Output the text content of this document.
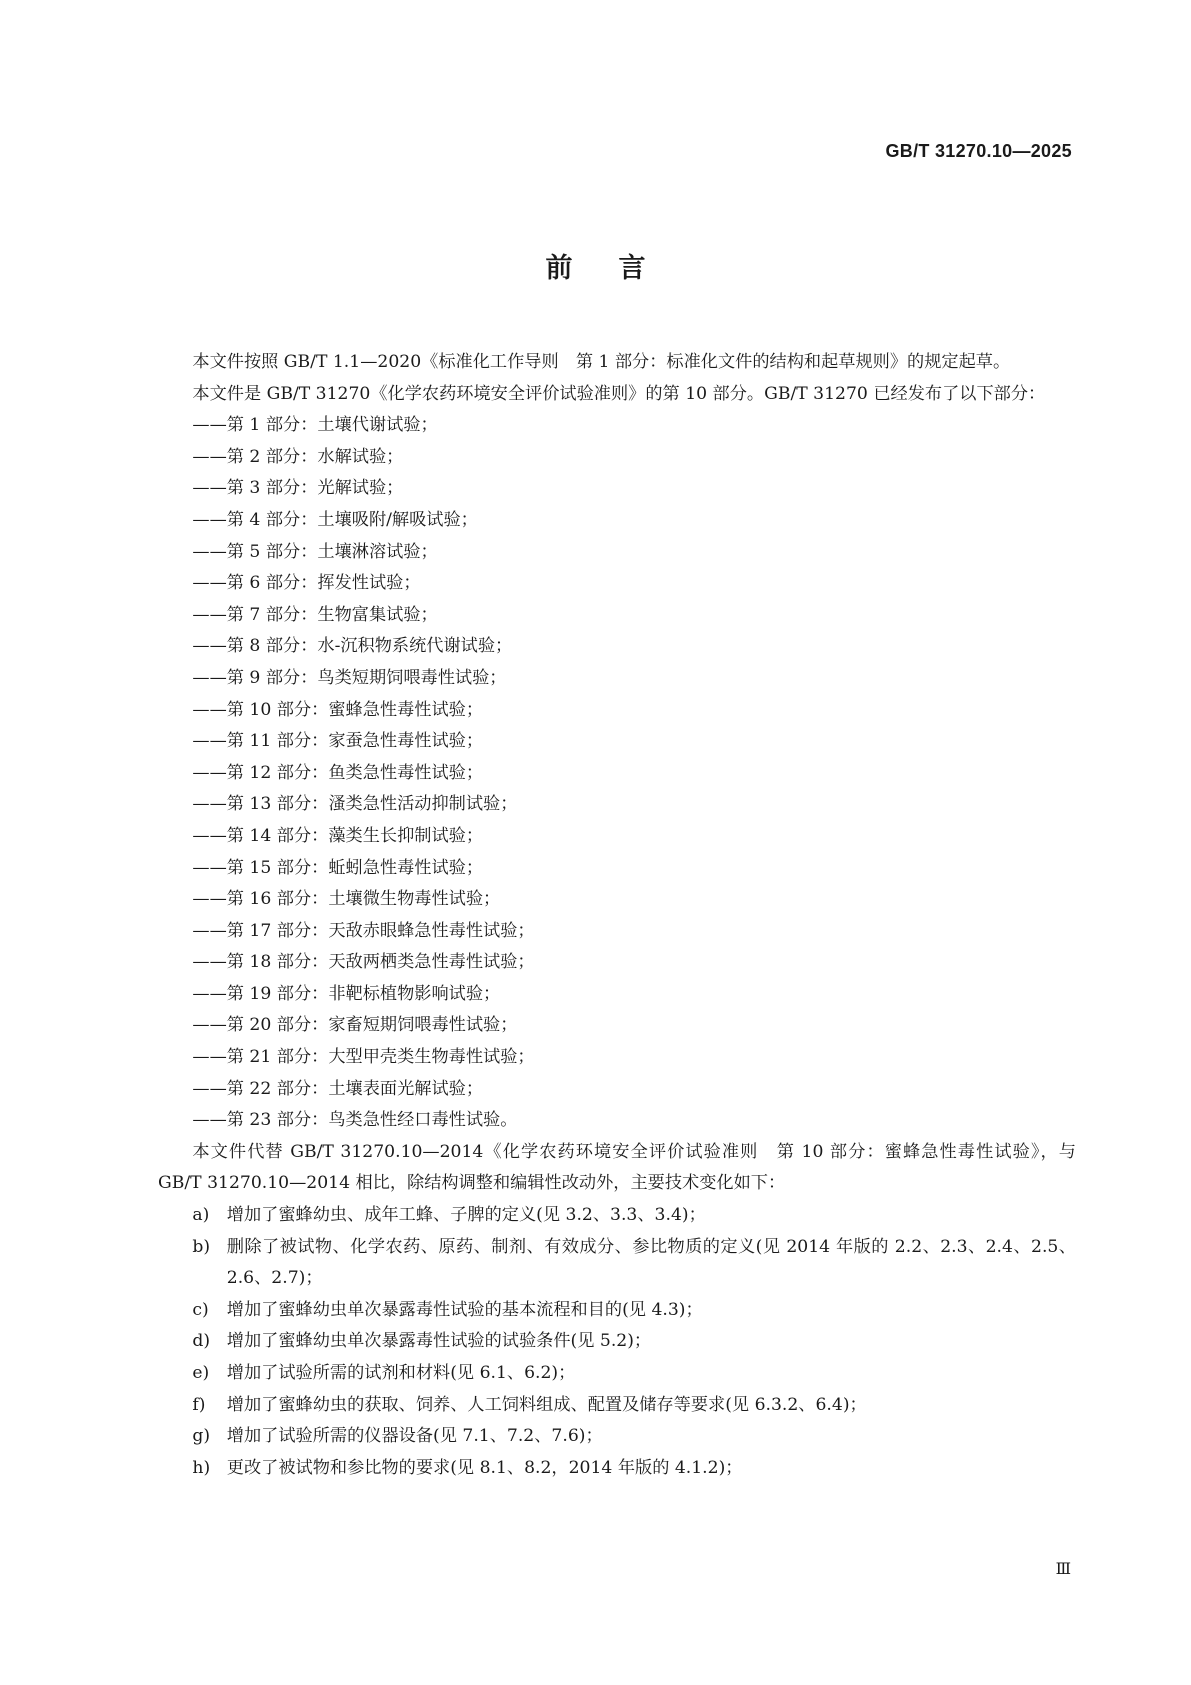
GB/T 31270.10—2025
前言

本文件按照 GB/T 1.1—2020《标准化工作导则　第 1 部分：标准化文件的结构和起草规则》的规定起草。

本文件是 GB/T 31270《化学农药环境安全评价试验准则》的第 10 部分。GB/T 31270 已经发布了以下部分：

——第 1 部分：土壤代谢试验；
——第 2 部分：水解试验；
——第 3 部分：光解试验；
——第 4 部分：土壤吸附/解吸试验；
——第 5 部分：土壤淋溶试验；
——第 6 部分：挥发性试验；
——第 7 部分：生物富集试验；
——第 8 部分：水-沉积物系统代谢试验；
——第 9 部分：鸟类短期饲喂毒性试验；
——第 10 部分：蜜蜂急性毒性试验；
——第 11 部分：家蚕急性毒性试验；
——第 12 部分：鱼类急性毒性试验；
——第 13 部分：溞类急性活动抑制试验；
——第 14 部分：藻类生长抑制试验；
——第 15 部分：蚯蚓急性毒性试验；
——第 16 部分：土壤微生物毒性试验；
——第 17 部分：天敌赤眼蜂急性毒性试验；
——第 18 部分：天敌两栖类急性毒性试验；
——第 19 部分：非靶标植物影响试验；
——第 20 部分：家畜短期饲喂毒性试验；
——第 21 部分：大型甲壳类生物毒性试验；
——第 22 部分：土壤表面光解试验；
——第 23 部分：鸟类急性经口毒性试验。

本文件代替 GB/T 31270.10—2014《化学农药环境安全评价试验准则　第 10 部分：蜜蜂急性毒性试验》，与 GB/T 31270.10—2014 相比，除结构调整和编辑性改动外，主要技术变化如下：

a)	增加了蜜蜂幼虫、成年工蜂、子脾的定义(见 3.2、3.3、3.4)；
b) 删除了被试物、化学农药、原药、制剂、有效成分、参比物质的定义(见 2014 年版的 2.2、2.3、2.4、2.5、2.6、2.7)；
c)	增加了蜜蜂幼虫单次暴露毒性试验的基本流程和目的(见 4.3)；
d) 增加了蜜蜂幼虫单次暴露毒性试验的试验条件(见 5.2)；
e)	增加了试验所需的试剂和材料(见 6.1、6.2)；
f)	增加了蜜蜂幼虫的获取、饲养、人工饲料组成、配置及储存等要求(见 6.3.2、6.4)；
g) 增加了试验所需的仪器设备(见 7.1、7.2、7.6)；
h) 更改了被试物和参比物的要求(见 8.1、8.2，2014 年版的 4.1.2)；
Ⅲ
